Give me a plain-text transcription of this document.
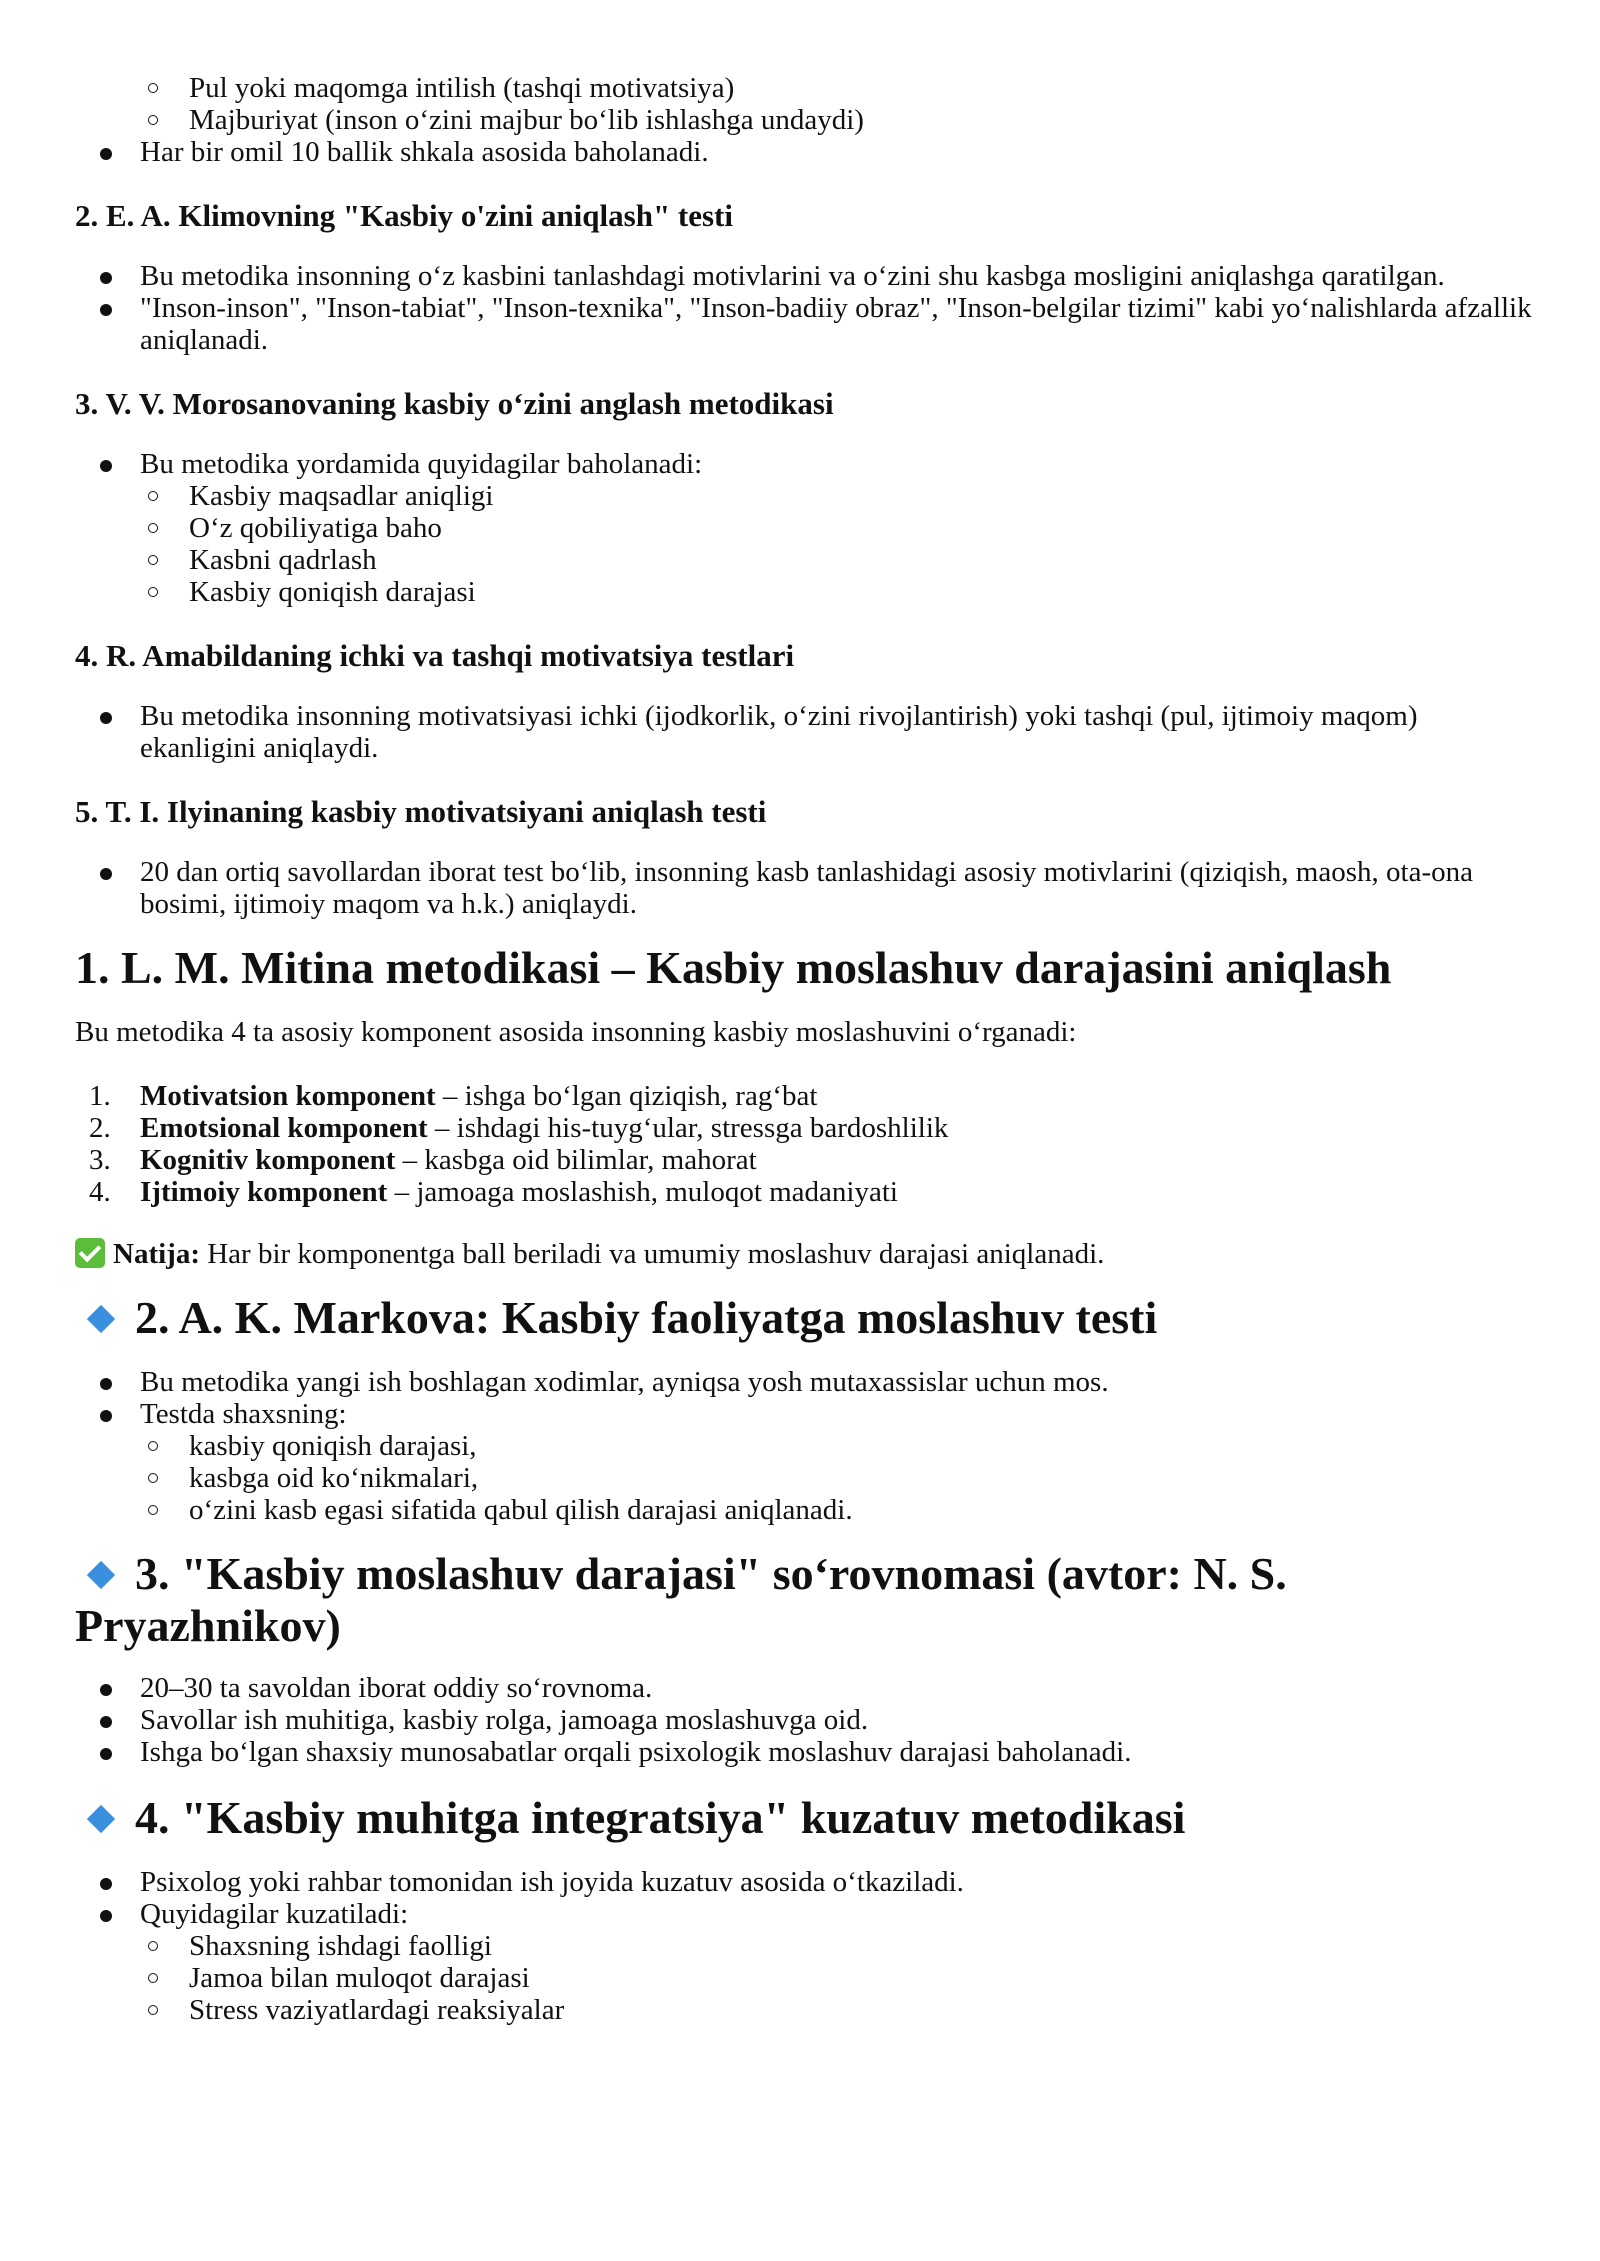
Pul yoki maqomga intilish (tashqi motivatsiya)
Majburiyat (inson o‘zini majbur bo‘lib ishlashga undaydi)
Har bir omil 10 ballik shkala asosida baholanadi.
2. E. A. Klimovning "Kasbiy o'zini aniqlash" testi
Bu metodika insonning o‘z kasbini tanlashdagi motivlarini va o‘zini shu kasbga mosligini aniqlashga qaratilgan.
"Inson-inson", "Inson-tabiat", "Inson-texnika", "Inson-badiiy obraz", "Inson-belgilar tizimi" kabi yo‘nalishlarda afzallik aniqlanadi.
3. V. V. Morosanovaning kasbiy o‘zini anglash metodikasi
Bu metodika yordamida quyidagilar baholanadi:
Kasbiy maqsadlar aniqligi
O‘z qobiliyatiga baho
Kasbni qadrlash
Kasbiy qoniqish darajasi
4. R. Amabildaning ichki va tashqi motivatsiya testlari
Bu metodika insonning motivatsiyasi ichki (ijodkorlik, o‘zini rivojlantirish) yoki tashqi (pul, ijtimoiy maqom) ekanligini aniqlaydi.
5. T. I. Ilyinaning kasbiy motivatsiyani aniqlash testi
20 dan ortiq savollardan iborat test bo‘lib, insonning kasb tanlashidagi asosiy motivlarini (qiziqish, maosh, ota-ona bosimi, ijtimoiy maqom va h.k.) aniqlaydi.
1. L. M. Mitina metodikasi – Kasbiy moslashuv darajasini aniqlash

Bu metodika 4 ta asosiy komponent asosida insonning kasbiy moslashuvini o‘rganadi:

1. Motivatsion komponent – ishga bo‘lgan qiziqish, rag‘bat
2. Emotsional komponent – ishdagi his-tuyg‘ular, stressga bardoshlilik
3. Kognitiv komponent – kasbga oid bilimlar, mahorat
4. Ijtimoiy komponent – jamoaga moslashish, muloqot madaniyati

Natija: Har bir komponentga ball beriladi va umumiy moslashuv darajasi aniqlanadi.

2. A. K. Markova: Kasbiy faoliyatga moslashuv testi
Bu metodika yangi ish boshlagan xodimlar, ayniqsa yosh mutaxassislar uchun mos.
Testda shaxsning:
kasbiy qoniqish darajasi,
kasbga oid ko‘nikmalari,
o‘zini kasb egasi sifatida qabul qilish darajasi aniqlanadi.
3. "Kasbiy moslashuv darajasi" so‘rovnomasi (avtor: N. S.
Pryazhnikov)
20–30 ta savoldan iborat oddiy so‘rovnoma.
Savollar ish muhitiga, kasbiy rolga, jamoaga moslashuvga oid.
Ishga bo‘lgan shaxsiy munosabatlar orqali psixologik moslashuv darajasi baholanadi.
4. "Kasbiy muhitga integratsiya" kuzatuv metodikasi
Psixolog yoki rahbar tomonidan ish joyida kuzatuv asosida o‘tkaziladi.
Quyidagilar kuzatiladi:
Shaxsning ishdagi faolligi
Jamoa bilan muloqot darajasi
Stress vaziyatlardagi reaksiyalar
